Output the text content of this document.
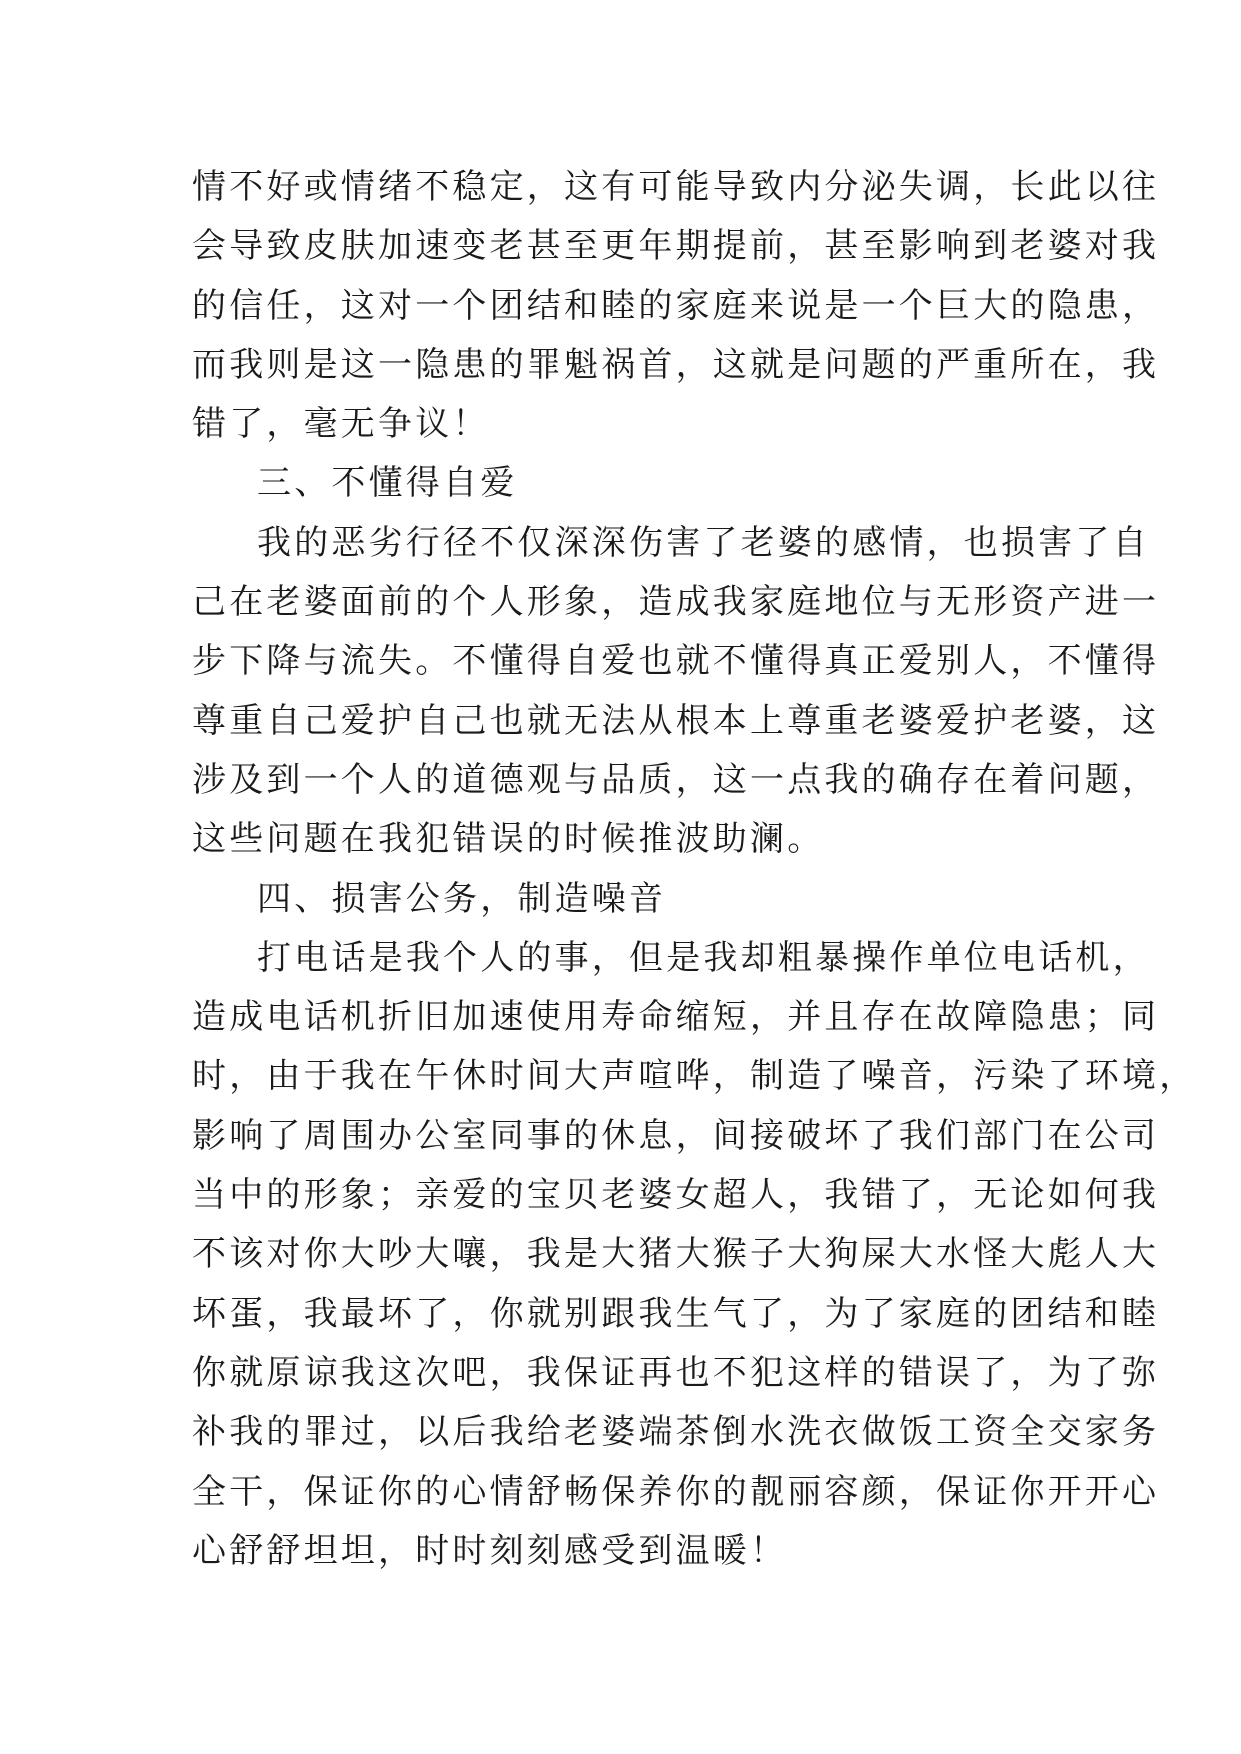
情不好或情绪不稳定，这有可能导致内分泌失调，长此以往
会导致皮肤加速变老甚至更年期提前，甚至影响到老婆对我
的信任，这对一个团结和睦的家庭来说是一个巨大的隐患，
而我则是这一隐患的罪魁祸首，这就是问题的严重所在，我
错了，毫无争议！
三、不懂得自爱
我的恶劣行径不仅深深伤害了老婆的感情，也损害了自
己在老婆面前的个人形象，造成我家庭地位与无形资产进一
步下降与流失。不懂得自爱也就不懂得真正爱别人，不懂得
尊重自己爱护自己也就无法从根本上尊重老婆爱护老婆，这
涉及到一个人的道德观与品质，这一点我的确存在着问题，
这些问题在我犯错误的时候推波助澜。
四、损害公务，制造噪音
打电话是我个人的事，但是我却粗暴操作单位电话机，
造成电话机折旧加速使用寿命缩短，并且存在故障隐患；同
时，由于我在午休时间大声喧哗，制造了噪音，污染了环境，
影响了周围办公室同事的休息，间接破坏了我们部门在公司
当中的形象；亲爱的宝贝老婆女超人，我错了，无论如何我
不该对你大吵大嚷，我是大猪大猴子大狗屎大水怪大彪人大
坏蛋，我最坏了，你就别跟我生气了，为了家庭的团结和睦
你就原谅我这次吧，我保证再也不犯这样的错误了，为了弥
补我的罪过，以后我给老婆端茶倒水洗衣做饭工资全交家务
全干，保证你的心情舒畅保养你的靓丽容颜，保证你开开心
心舒舒坦坦，时时刻刻感受到温暖！
